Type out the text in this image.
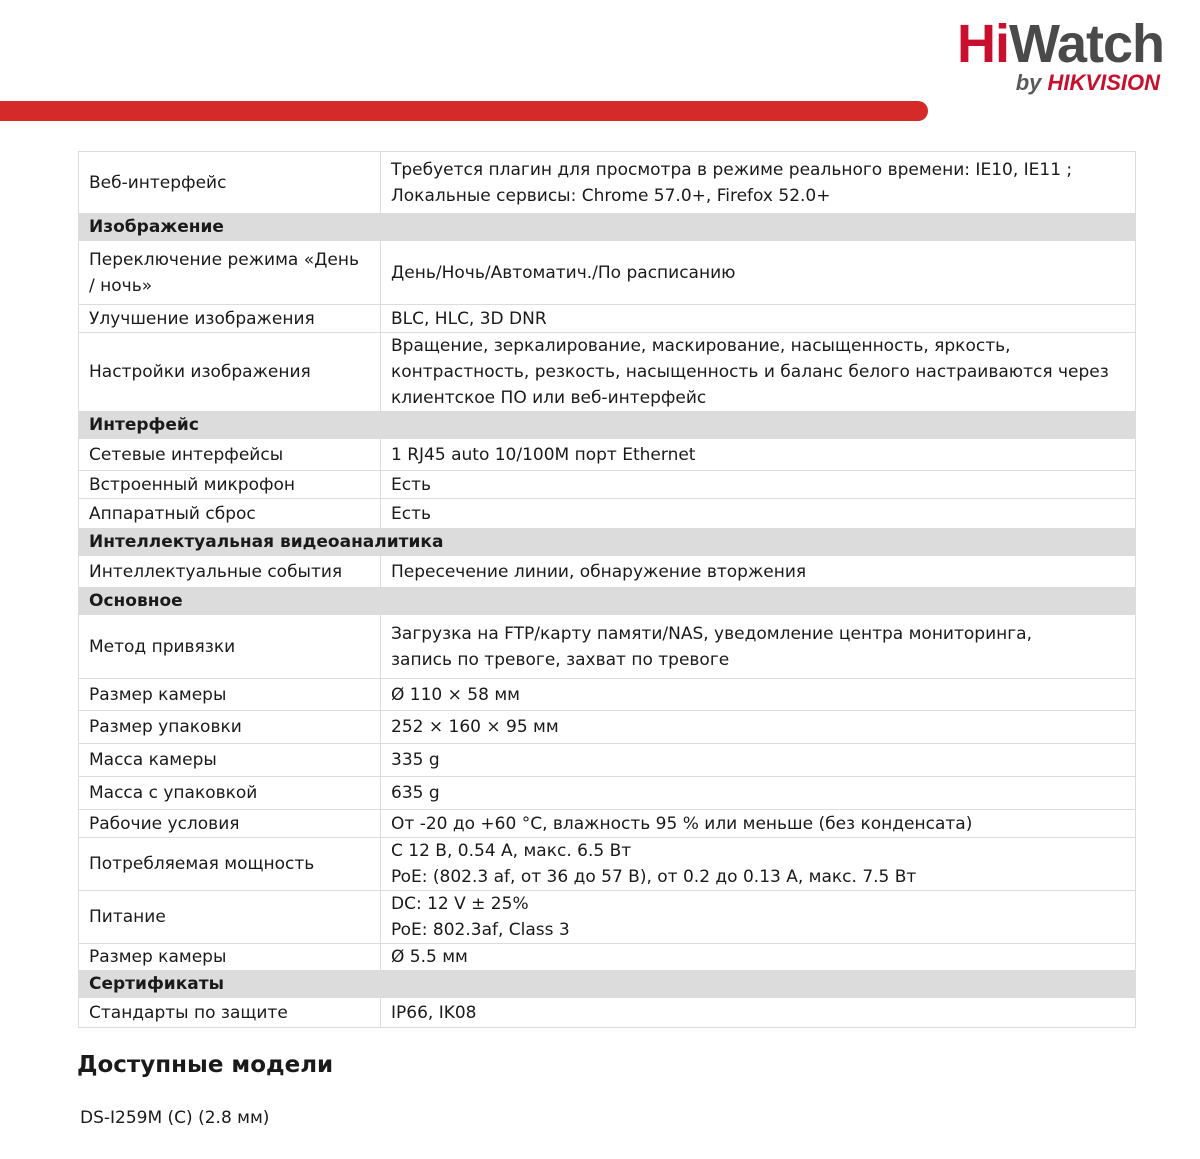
HiWatch
by HIKVISION
Веб-интерфейс	Требуется плагин для просмотра в режиме реального времени: IE10, IE11 ;
Локальные сервисы: Chrome 57.0+, Firefox 52.0+

Изображение	
Переключение режима «День / ночь»	День/Ночь/Автоматич./По расписанию

Улучшение изображения	BLC, HLC, 3D DNR

Настройки изображения	Вращение, зеркалирование, маскирование, насыщенность, яркость, контрастность, резкость, насыщенность и баланс белого настраиваются через клиентское ПО или веб-интерфейс

Интерфейс	
Сетевые интерфейсы	1 RJ45 auto 10/100M порт Ethernet

Встроенный микрофон	Есть

Аппаратный сброс	Есть

Интеллектуальная видеоаналитика	
Интеллектуальные события	Пересечение линии, обнаружение вторжения

Основное	
Метод привязки	Загрузка на FTP/карту памяти/NAS, уведомление центра мониторинга,
запись по тревоге, захват по тревоге

Размер камеры	Ø 110 × 58 мм

Размер упаковки	252 × 160 × 95 мм

Масса камеры	335 g

Масса с упаковкой	635 g

Рабочие условия	От -20 до +60 °C, влажность 95 % или меньше (без конденсата)

Потребляемая мощность	С 12 В, 0.54 А, макс. 6.5 Вт
PoE: (802.3 af, от 36 до 57 В), от 0.2 до 0.13 А, макс. 7.5 Вт

Питание	DC: 12 V ± 25%
PoE: 802.3af, Class 3

Размер камеры	Ø 5.5 мм

Сертификаты	
Стандарты по защите	IP66, IK08
Доступные модели
DS-I259M (C) (2.8 мм)
